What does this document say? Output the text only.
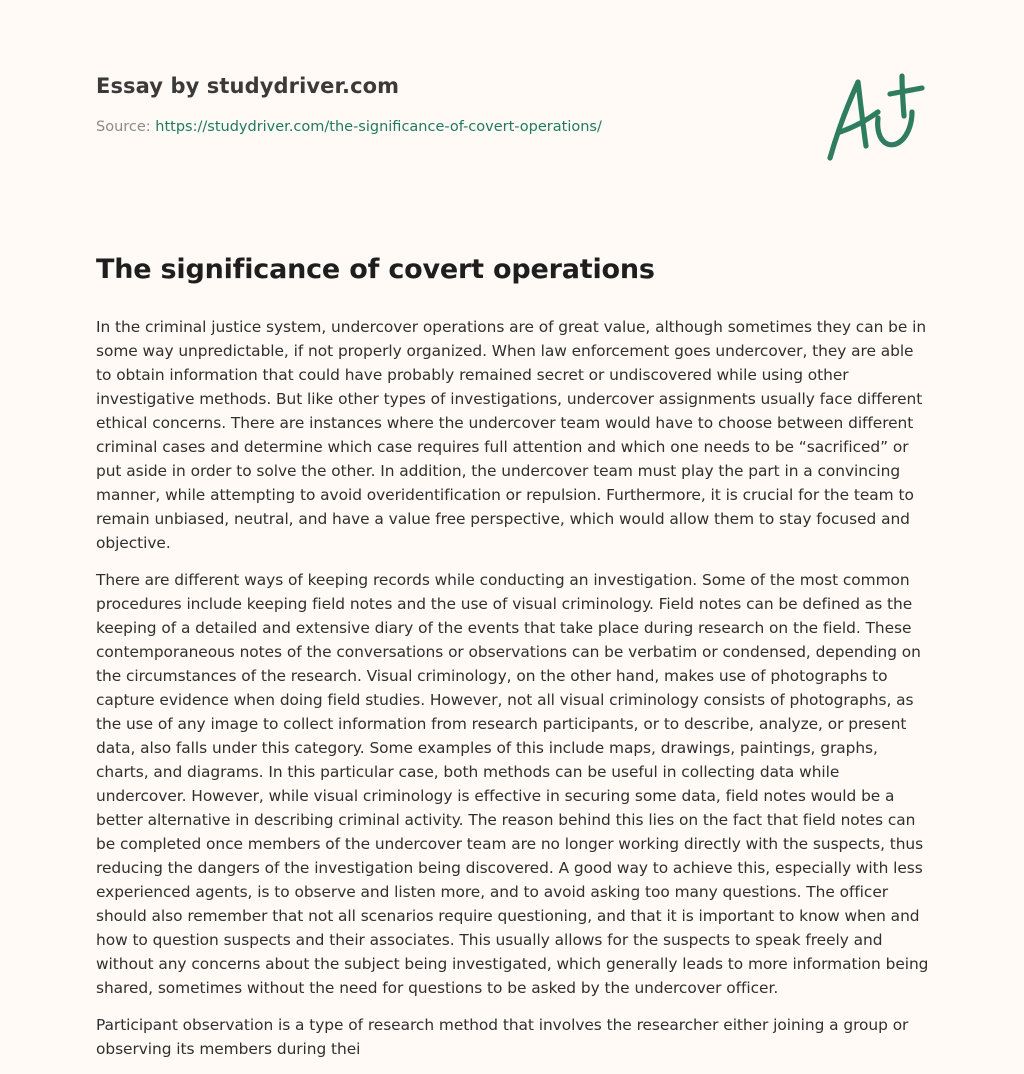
Essay by studydriver.com
Source: https://studydriver.com/the-significance-of-covert-operations/
The significance of covert operations

In the criminal justice system, undercover operations are of great value, although sometimes they can be in some way unpredictable, if not properly organized. When law enforcement goes undercover, they are able to obtain information that could have probably remained secret or undiscovered while using other investigative methods. But like other types of investigations, undercover assignments usually face different ethical concerns. There are instances where the undercover team would have to choose between different criminal cases and determine which case requires full attention and which one needs to be “sacrificed” or put aside in order to solve the other. In addition, the undercover team must play the part in a convincing manner, while attempting to avoid overidentification or repulsion. Furthermore, it is crucial for the team to remain unbiased, neutral, and have a value free perspective, which would allow them to stay focused and objective.

There are different ways of keeping records while conducting an investigation. Some of the most common procedures include keeping field notes and the use of visual criminology. Field notes can be defined as the keeping of a detailed and extensive diary of the events that take place during research on the field. These contemporaneous notes of the conversations or observations can be verbatim or condensed, depending on the circumstances of the research. Visual criminology, on the other hand, makes use of photographs to capture evidence when doing field studies. However, not all visual criminology consists of photographs, as the use of any image to collect information from research participants, or to describe, analyze, or present data, also falls under this category. Some examples of this include maps, drawings, paintings, graphs, charts, and diagrams. In this particular case, both methods can be useful in collecting data while undercover. However, while visual criminology is effective in securing some data, field notes would be a better alternative in describing criminal activity. The reason behind this lies on the fact that field notes can be completed once members of the undercover team are no longer working directly with the suspects, thus reducing the dangers of the investigation being discovered. A good way to achieve this, especially with less experienced agents, is to observe and listen more, and to avoid asking too many questions. The officer should also remember that not all scenarios require questioning, and that it is important to know when and how to question suspects and their associates. This usually allows for the suspects to speak freely and without any concerns about the subject being investigated, which generally leads to more information being shared, sometimes without the need for questions to be asked by the undercover officer.

Participant observation is a type of research method that involves the researcher either joining a group or observing its members during thei
